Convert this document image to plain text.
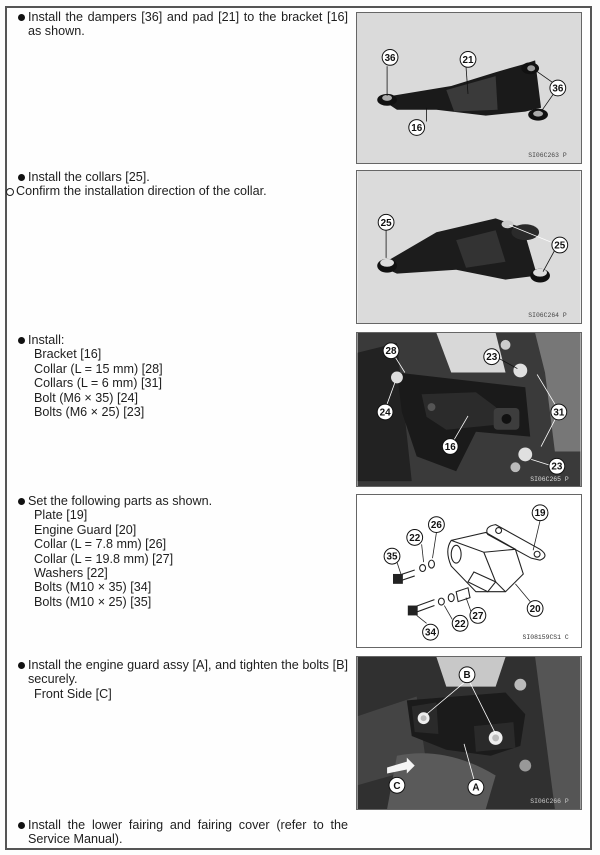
Install the dampers [36] and pad [21] to the bracket [16] as shown.
36	21
36
16
SI06C263 P
Install the collars [25].
Confirm the installation direction of the collar.
25
25
SI06C264 P
Install:
Bracket [16]
Collar (L = 15 mm) [28]
Collars (L = 6 mm) [31]
Bolt (M6 × 35) [24]
Bolts (M6 × 25) [23]
28
23
24	31
16
23
SI06C265 P
Set the following parts as shown.
Plate [19]
Engine Guard [20]
Collar (L = 7.8 mm) [26]
Collar (L = 19.8 mm) [27]
Washers [22]
Bolts (M10 × 35) [34]
Bolts (M10 × 25) [35]
19
26
22
35
20
27
22
34	SI08159CS1 C
Install the engine guard assy [A], and tighten the bolts [B] securely.
Front Side [C]
B
C	A
SI06C266 P
Install the lower fairing and fairing cover (refer to the Service Manual).
